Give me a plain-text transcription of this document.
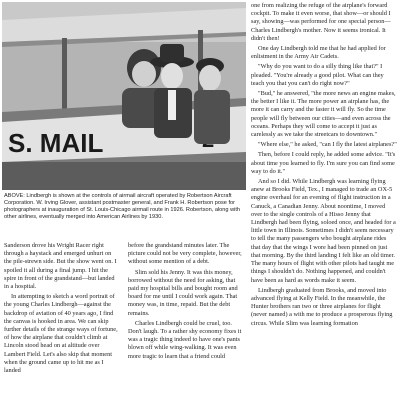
S. MAIL
ABOVE: Lindbergh is shown at the controls of airmail aircraft operated by Robertson Aircraft Corporation. W. Irving Glover, assistant postmaster general, and Frank H. Robertson pose for photographers at inauguration of St. Louis-Chicago airmail route in 1926. Robertson, along with other airlines, eventually merged into American Airlines by 1930.

Sanderson drove his Wright Racer right through a haystack and emerged unhurt on the pile-strewn side. But the show went on. I spoiled it all during a final jump. I hit the spire in front of the grandstand—but landed in a hospital.

In attempting to sketch a word portrait of the young Charles Lindbergh—against the backdrop of aviation of 40 years ago, I find the canvas is hooked in area. We can skip further details of the strange ways of fortune, of how the airplane that couldn't climb at Lincoln stood head on at altitude over Lambert Field. Let's also skip that moment when the ground came up to hit me as I landed

before the grandstand minutes later. The picture could not be very complete, however, without some mention of a debt.

Slim sold his Jenny. It was this money, borrowed without the need for asking, that paid my hospital bills and bought room and board for me until I could work again. That money was, in time, repaid. But the debt remains.

Charles Lindbergh could be cruel, too. Don't laugh. To a rather shy economy fixes it was a tragic thing indeed to have one's pants blown off while wing-walking. It was even more tragic to learn that a friend could

one from realizing the refuge of the airplane's forward cockpit. To make it even worse, that show—or should I say, showing—was performed for one special person—Charles Lindbergh's mother. Now it seems ironical. It didn't then!

One day Lindbergh told me that he had applied for enlistment in the Army Air Cadets.

"Why do you want to do a silly thing like that?" I pleaded. "You're already a good pilot. What can they teach you that you can't do right now?"

"Bud," he answered, "the more news an engine makes, the better I like it. The more power an airplane has, the more it can carry and the faster it will fly. So the time people will fly between our cities—and even across the oceans. Perhaps they will come to accept it just as carelessly as we take the streetcars to downtown."

"Where else," he asked, "can I fly the latest airplanes?"

Then, before I could reply, he added some advice. "It's about time you learned to fly. I'm sure you can find some way to do it."

And so I did. While Lindbergh was learning flying anew at Brooks Field, Tex., I managed to trade an OX-5 engine overhaul for an evening of flight instruction in a Canuck, a Canadian Jenny. About noontime, I moved over to the single controls of a Hisso Jenny that Lindbergh had been flying, soloed once, and headed for a little town in Illinois. Sometimes I didn't seem necessary to tell the many passengers who bought airplane rides that day that the wings I wore had been pinned on just that morning. By the third landing I felt like an old timer. The many hours of flight with other pilots had taught me things I shouldn't do. Nothing happened, and couldn't have been as hard as words make it seem.

Lindbergh graduated from Brooks, and moved into advanced flying at Kelly Field. In the meanwhile, the Hunter brothers ran two or three airplanes for flight (never named) a with me to produce a prosperous flying circus. While Slim was learning formation
